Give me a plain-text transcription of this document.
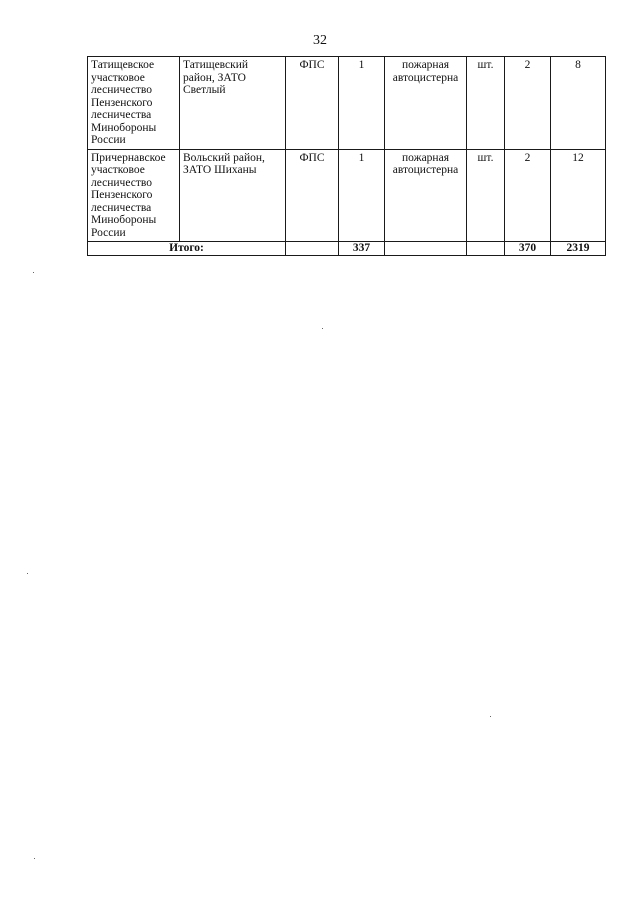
32
Татищевское участковое лесничество Пензенского лесничества Минобороны России	Татищевский район, ЗАТО Светлый	ФПС	1	пожарная автоцистерна	шт.	2	8
Причернавское участковое лесничество Пензенского лесничества Минобороны России	Вольский район, ЗАТО Шиханы	ФПС	1	пожарная автоцистерна	шт.	2	12
Итого:			337			370	2319
